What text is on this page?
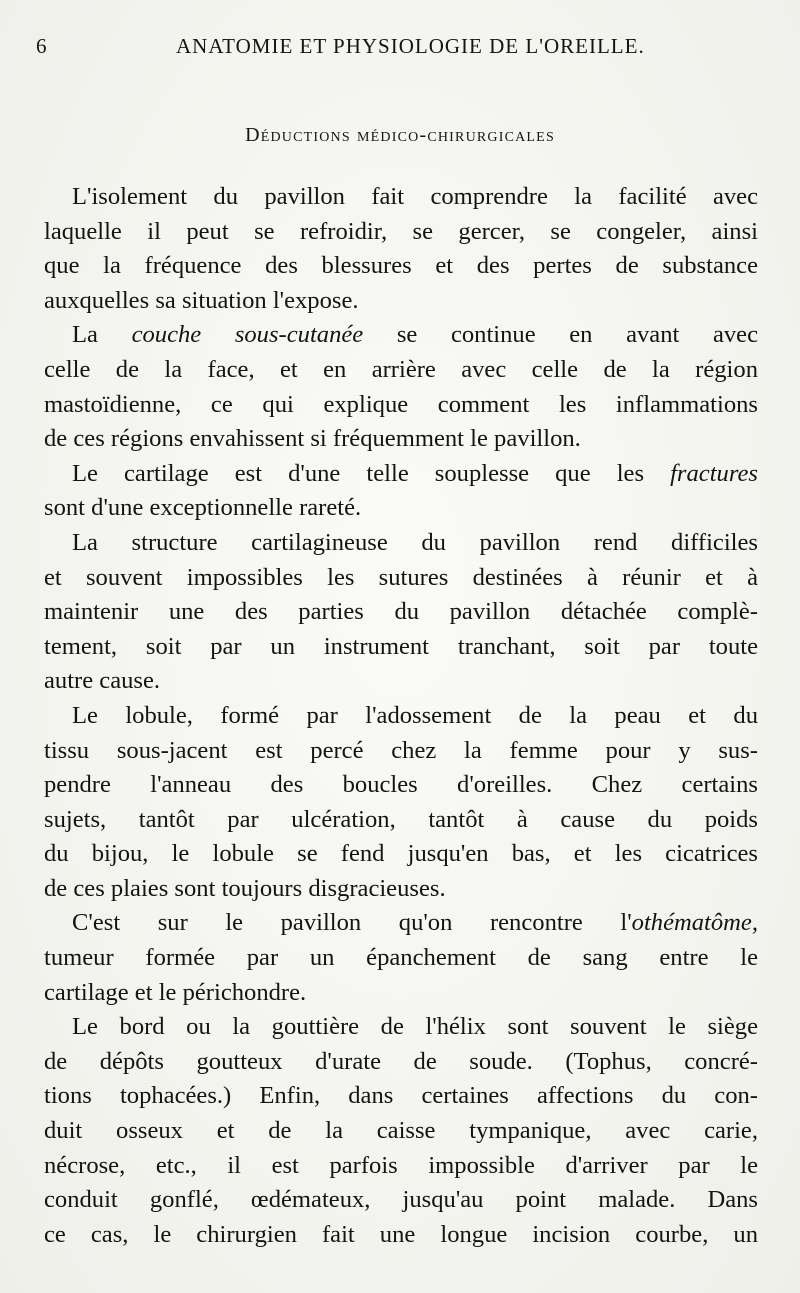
6	ANATOMIE ET PHYSIOLOGIE DE L'OREILLE.
Déductions médico-chirurgicales
L'isolement du pavillon fait comprendre la facilité avec
laquelle il peut se refroidir, se gercer, se congeler, ainsi
que la fréquence des blessures et des pertes de substance
auxquelles sa situation l'expose.
La couche sous-cutanée se continue en avant avec
celle de la face, et en arrière avec celle de la région
mastoïdienne, ce qui explique comment les inflammations
de ces régions envahissent si fréquemment le pavillon.
Le cartilage est d'une telle souplesse que les fractures
sont d'une exceptionnelle rareté.
La structure cartilagineuse du pavillon rend difficiles
et souvent impossibles les sutures destinées à réunir et à
maintenir une des parties du pavillon détachée complè-
tement, soit par un instrument tranchant, soit par toute
autre cause.
Le lobule, formé par l'adossement de la peau et du
tissu sous-jacent est percé chez la femme pour y sus-
pendre l'anneau des boucles d'oreilles. Chez certains
sujets, tantôt par ulcération, tantôt à cause du poids
du bijou, le lobule se fend jusqu'en bas, et les cicatrices
de ces plaies sont toujours disgracieuses.
C'est sur le pavillon qu'on rencontre l'othématôme,
tumeur formée par un épanchement de sang entre le
cartilage et le périchondre.
Le bord ou la gouttière de l'hélix sont souvent le siège
de dépôts goutteux d'urate de soude. (Tophus, concré-
tions tophacées.) Enfin, dans certaines affections du con-
duit osseux et de la caisse tympanique, avec carie,
nécrose, etc., il est parfois impossible d'arriver par le
conduit gonflé, œdémateux, jusqu'au point malade. Dans
ce cas, le chirurgien fait une longue incision courbe, un
